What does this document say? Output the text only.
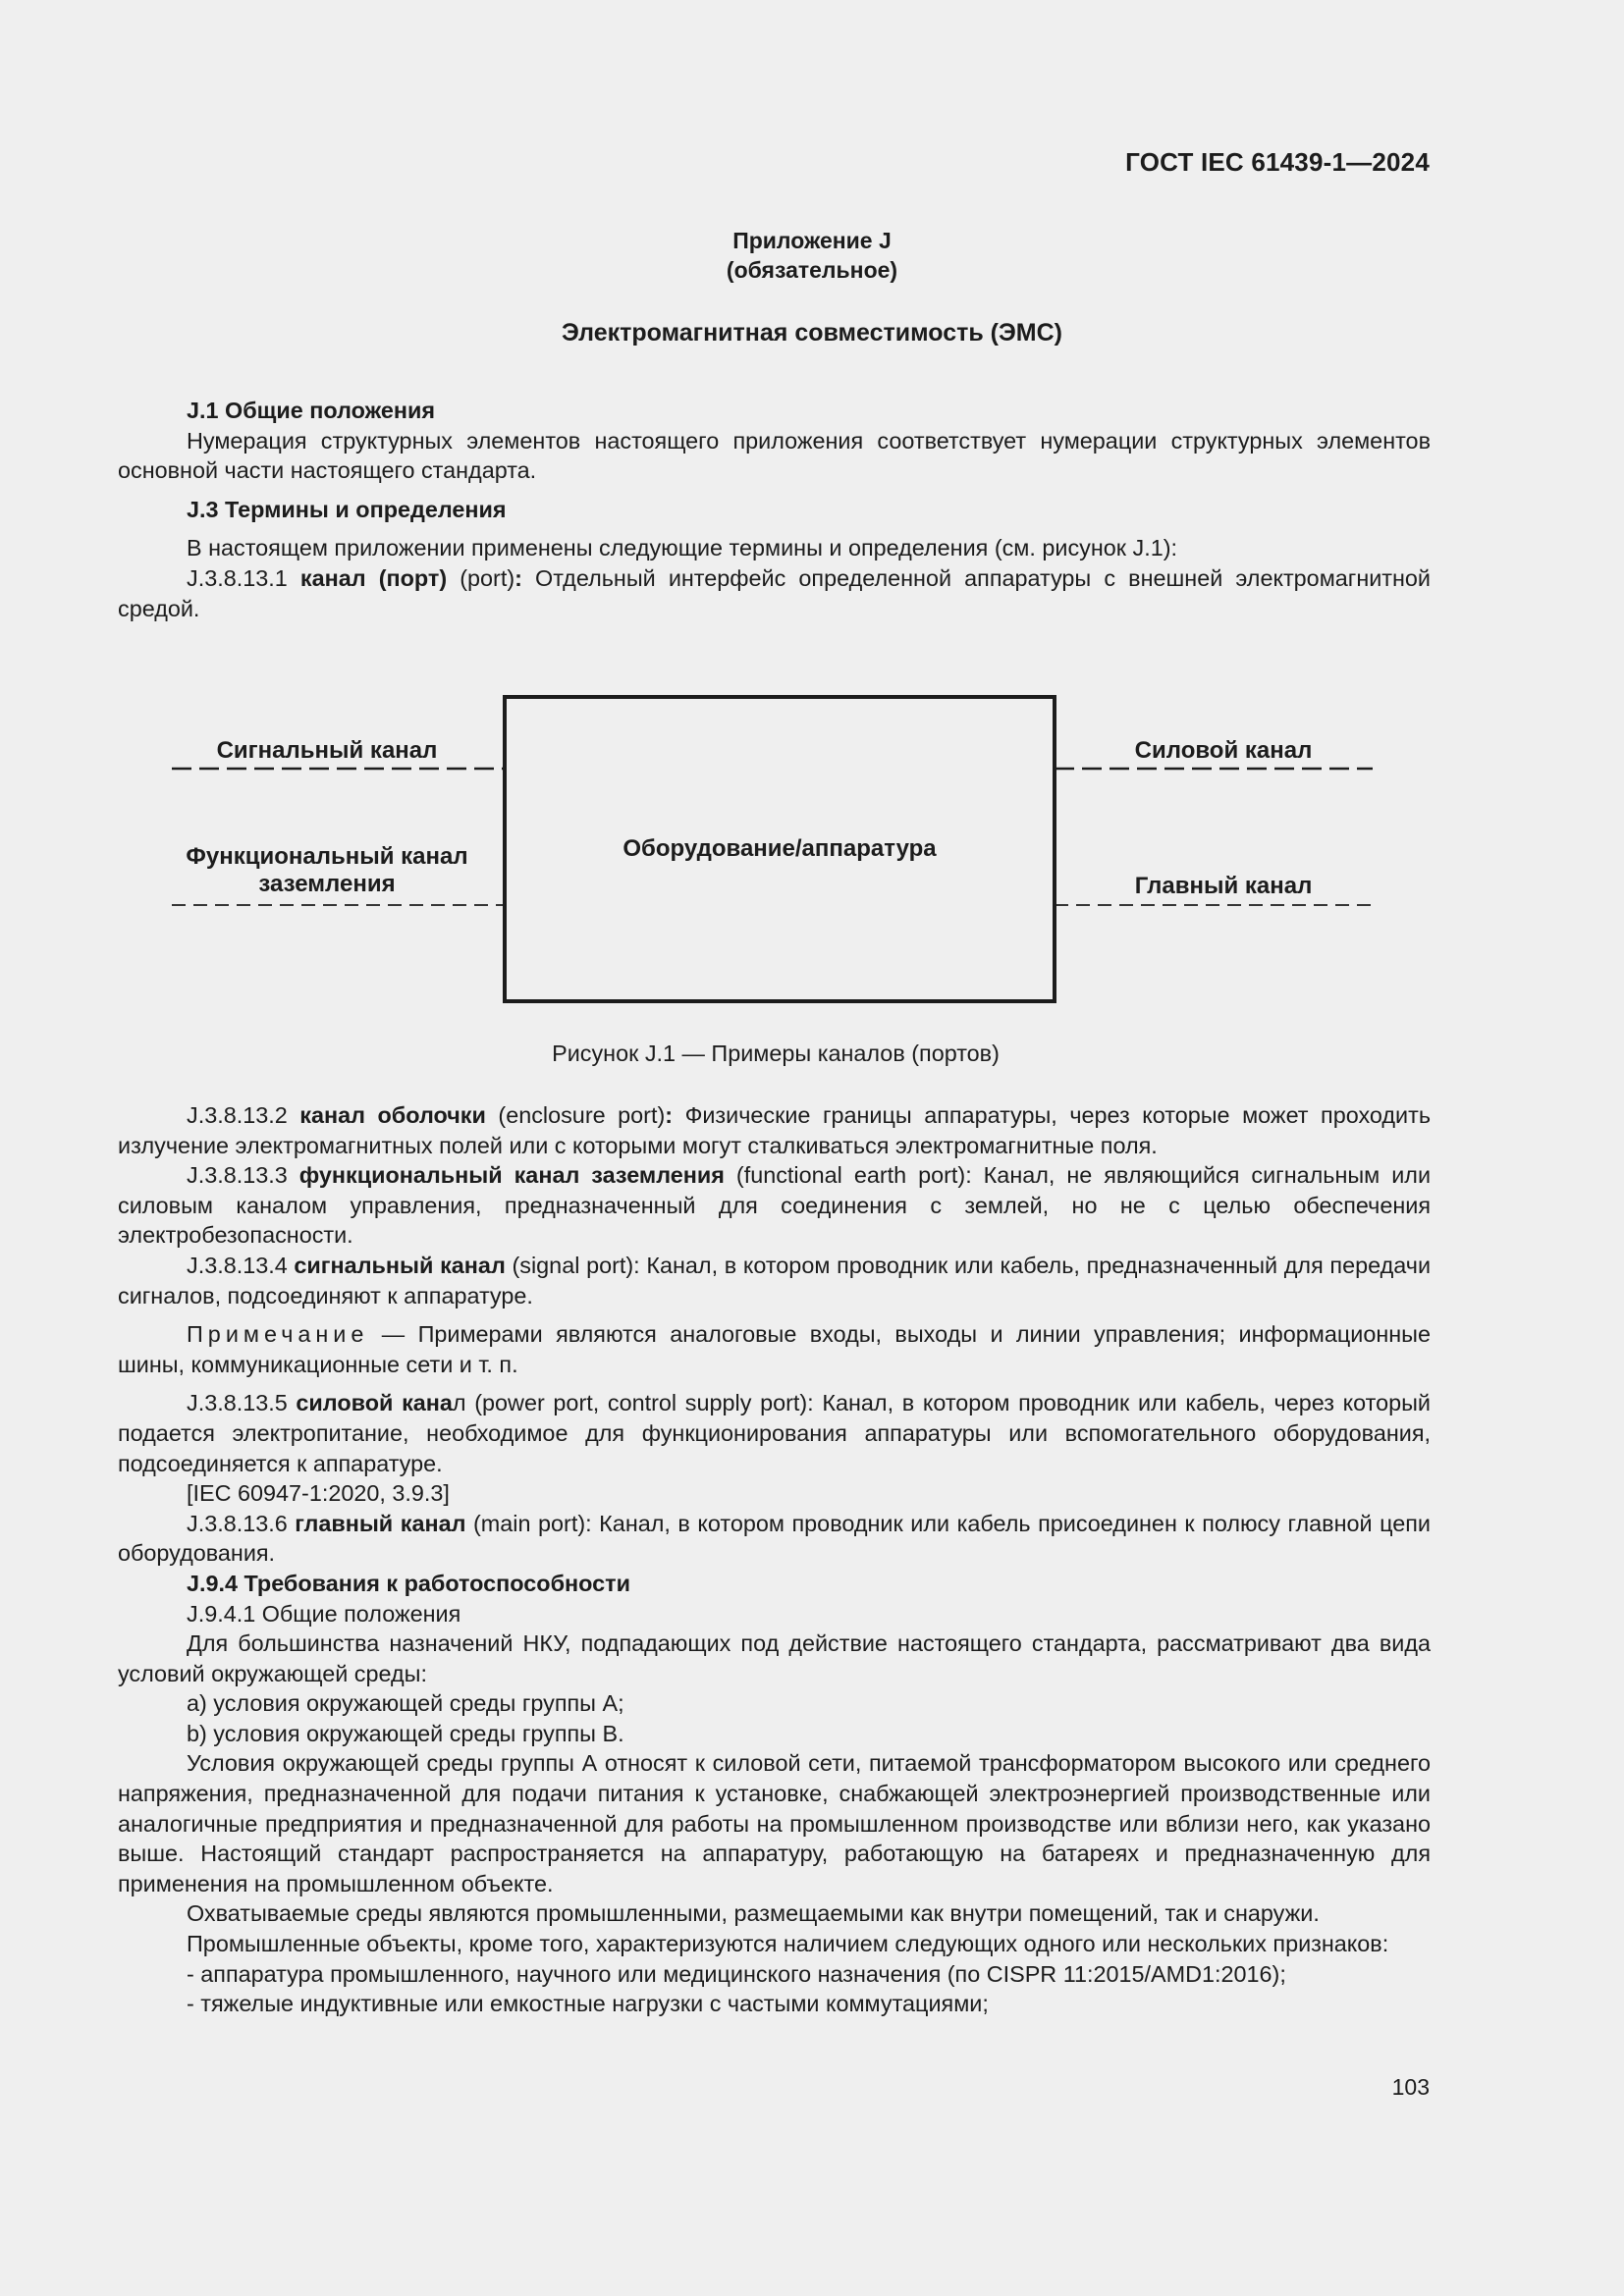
ГОСТ IEC 61439-1—2024
Приложение J
(обязательное)
Электромагнитная совместимость (ЭМС)

J.1 Общие положения

Нумерация структурных элементов настоящего приложения соответствует нумерации структурных элементов основной части настоящего стандарта.

J.3 Термины и определения

В настоящем приложении применены следующие термины и определения (см. рисунок J.1):

J.3.8.13.1 канал (порт) (port): Отдельный интерфейс определенной аппаратуры с внешней электромагнитной средой.

Оборудование/аппаратура
Сигнальный канал
Функциональный канал
заземления
Силовой канал
Главный канал
Рисунок J.1 — Примеры каналов (портов)

J.3.8.13.2 канал оболочки (enclosure port): Физические границы аппаратуры, через которые может проходить излучение электромагнитных полей или с которыми могут сталкиваться электромагнитные поля.

J.3.8.13.3 функциональный канал заземления (functional earth port): Канал, не являющийся сигнальным или силовым каналом управления, предназначенный для соединения с землей, но не с целью обеспечения электробезопасности.

J.3.8.13.4 сигнальный канал (signal port): Канал, в котором проводник или кабель, предназначенный для передачи сигналов, подсоединяют к аппаратуре.

Примечание — Примерами являются аналоговые входы, выходы и линии управления; информационные шины, коммуникационные сети и т. п.

J.3.8.13.5 силовой канал (power port, control supply port): Канал, в котором проводник или кабель, через который подается электропитание, необходимое для функционирования аппаратуры или вспомогательного оборудования, подсоединяется к аппаратуре.

[IEC 60947-1:2020, 3.9.3]

J.3.8.13.6 главный канал (main port): Канал, в котором проводник или кабель присоединен к полюсу главной цепи оборудования.

J.9.4 Требования к работоспособности

J.9.4.1 Общие положения

Для большинства назначений НКУ, подпадающих под действие настоящего стандарта, рассматривают два вида условий окружающей среды:

a) условия окружающей среды группы А;

b) условия окружающей среды группы В.

Условия окружающей среды группы А относят к силовой сети, питаемой трансформатором высокого или среднего напряжения, предназначенной для подачи питания к установке, снабжающей электроэнергией производственные или аналогичные предприятия и предназначенной для работы на промышленном производстве или вблизи него, как указано выше. Настоящий стандарт распространяется на аппаратуру, работающую на батареях и предназначенную для применения на промышленном объекте.

Охватываемые среды являются промышленными, размещаемыми как внутри помещений, так и снаружи.

Промышленные объекты, кроме того, характеризуются наличием следующих одного или нескольких признаков:

- аппаратура промышленного, научного или медицинского назначения (по CISPR 11:2015/AMD1:2016);

- тяжелые индуктивные или емкостные нагрузки с частыми коммутациями;

103
